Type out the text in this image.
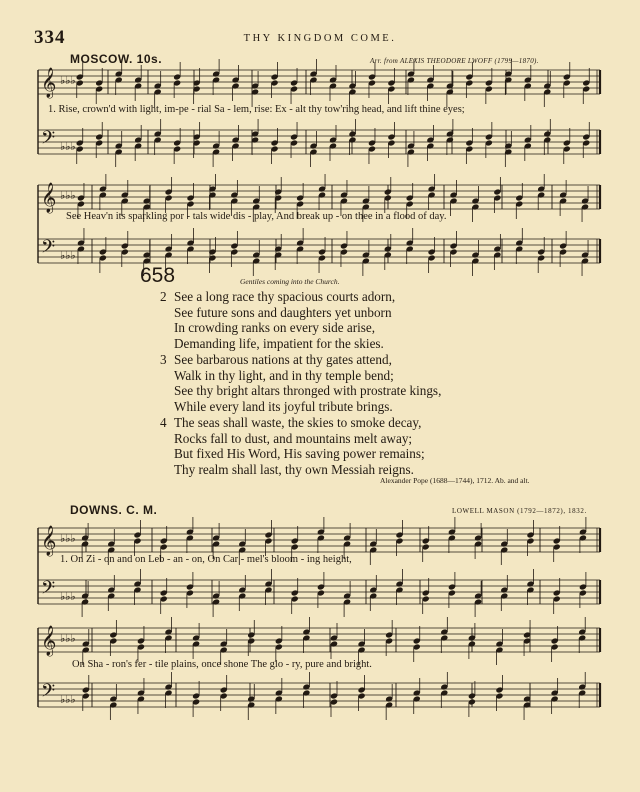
334	THY KINGDOM COME.
MOSCOW. 10s.	Arr. from ALEXIS THEODORE LWOFF (1799—1870).
𝄞
𝄢
♭♭♭
♭♭♭
𝄞
𝄢
♭♭♭
♭♭♭
𝄞
𝄢
♭♭♭
♭♭♭
𝄞
𝄢
♭♭♭
♭♭♭
1. Rise, crown'd with light, im-pe - rial Sa - lem, rise: Ex - alt thy tow'ring head, and lift thine eyes;
See Heav'n its sparkling por - tals wide dis - play, And break up - on thee in a flood of day.
658	Gentiles coming into the Church.
2 See a long race thy spacious courts adorn,
See future sons and daughters yet unborn
In crowding ranks on every side arise,
Demanding life, impatient for the skies.
3 See barbarous nations at thy gates attend,
Walk in thy light, and in thy temple bend;
See thy bright altars thronged with prostrate kings,
While every land its joyful tribute brings.
4 The seas shall waste, the skies to smoke decay,
Rocks fall to dust, and mountains melt away;
But fixed His Word, His saving power remains;
Thy realm shall last, thy own Messiah reigns.
Alexander Pope (1688—1744), 1712. Ab. and alt.
DOWNS. C. M.	LOWELL MASON (1792—1872), 1832.
1. On Zi - on and on Leb - an - on, On Car - mel's bloom - ing height,
On Sha - ron's fer - tile plains, once shone The glo - ry, pure and bright.
